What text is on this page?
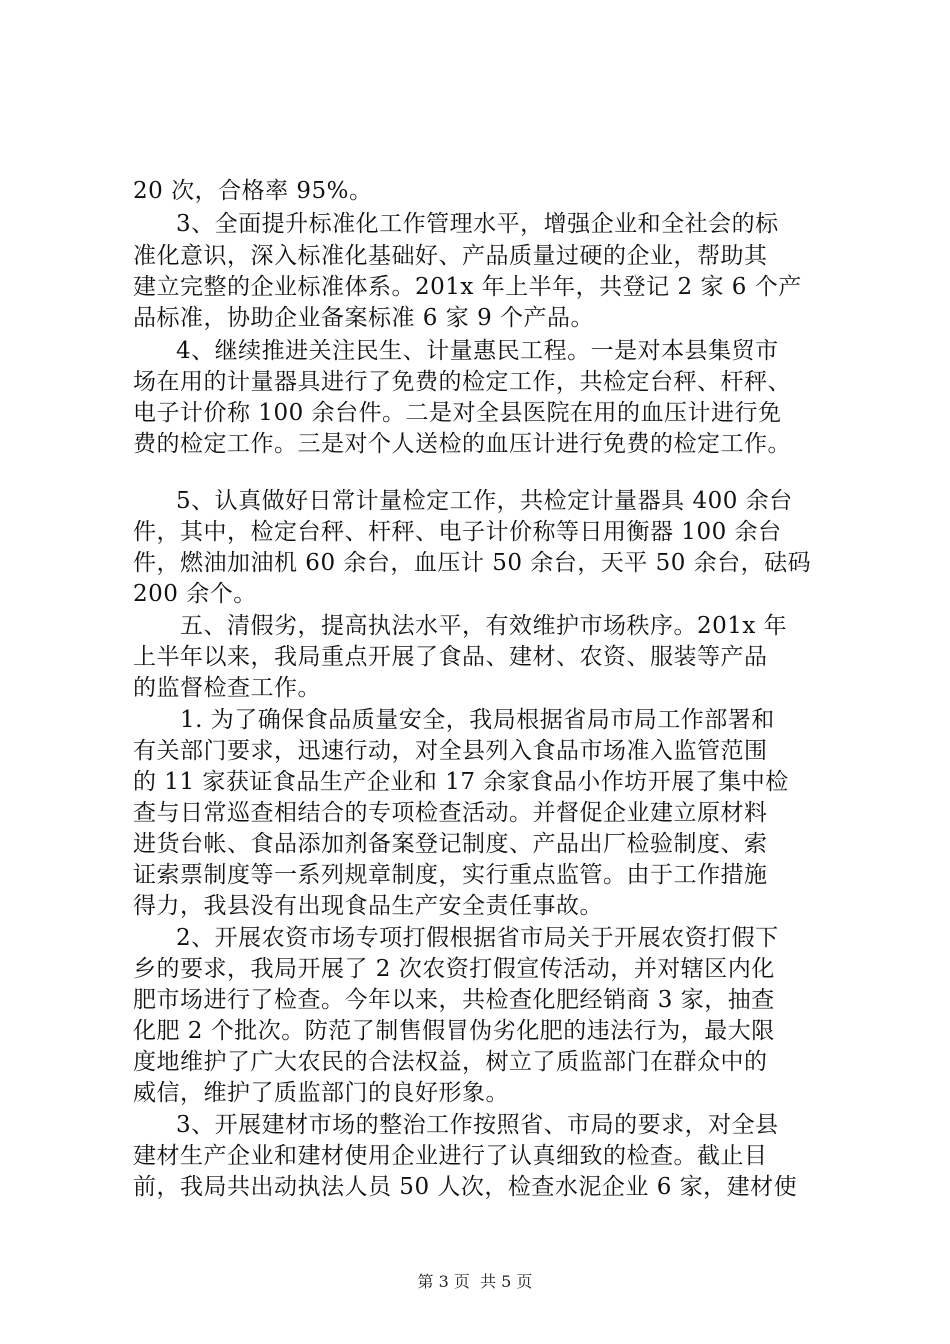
20 次，合格率 95%。
3、全面提升标准化工作管理水平，增强企业和全社会的标
准化意识，深入标准化基础好、产品质量过硬的企业，帮助其
建立完整的企业标准体系。201x 年上半年，共登记 2 家 6 个产
品标准，协助企业备案标准 6 家 9 个产品。
4、继续推进关注民生、计量惠民工程。一是对本县集贸市
场在用的计量器具进行了免费的检定工作，共检定台秤、杆秤、
电子计价称 100 余台件。二是对全县医院在用的血压计进行免
费的检定工作。三是对个人送检的血压计进行免费的检定工作。
5、认真做好日常计量检定工作，共检定计量器具 400 余台
件，其中，检定台秤、杆秤、电子计价称等日用衡器 100 余台
件，燃油加油机 60 余台，血压计 50 余台，天平 50 余台，砝码
200 余个。
五、清假劣，提高执法水平，有效维护市场秩序。201x 年
上半年以来，我局重点开展了食品、建材、农资、服装等产品
的监督检查工作。
1. 为了确保食品质量安全，我局根据省局市局工作部署和
有关部门要求，迅速行动，对全县列入食品市场准入监管范围
的 11 家获证食品生产企业和 17 余家食品小作坊开展了集中检
查与日常巡查相结合的专项检查活动。并督促企业建立原材料
进货台帐、食品添加剂备案登记制度、产品出厂检验制度、索
证索票制度等一系列规章制度，实行重点监管。由于工作措施
得力，我县没有出现食品生产安全责任事故。
2、开展农资市场专项打假根据省市局关于开展农资打假下
乡的要求，我局开展了 2 次农资打假宣传活动，并对辖区内化
肥市场进行了检查。今年以来，共检查化肥经销商 3 家，抽查
化肥 2 个批次。防范了制售假冒伪劣化肥的违法行为，最大限
度地维护了广大农民的合法权益，树立了质监部门在群众中的
威信，维护了质监部门的良好形象。
3、开展建材市场的整治工作按照省、市局的要求，对全县
建材生产企业和建材使用企业进行了认真细致的检查。截止目
前，我局共出动执法人员 50 人次，检查水泥企业 6 家，建材使
第 3 页  共 5 页
